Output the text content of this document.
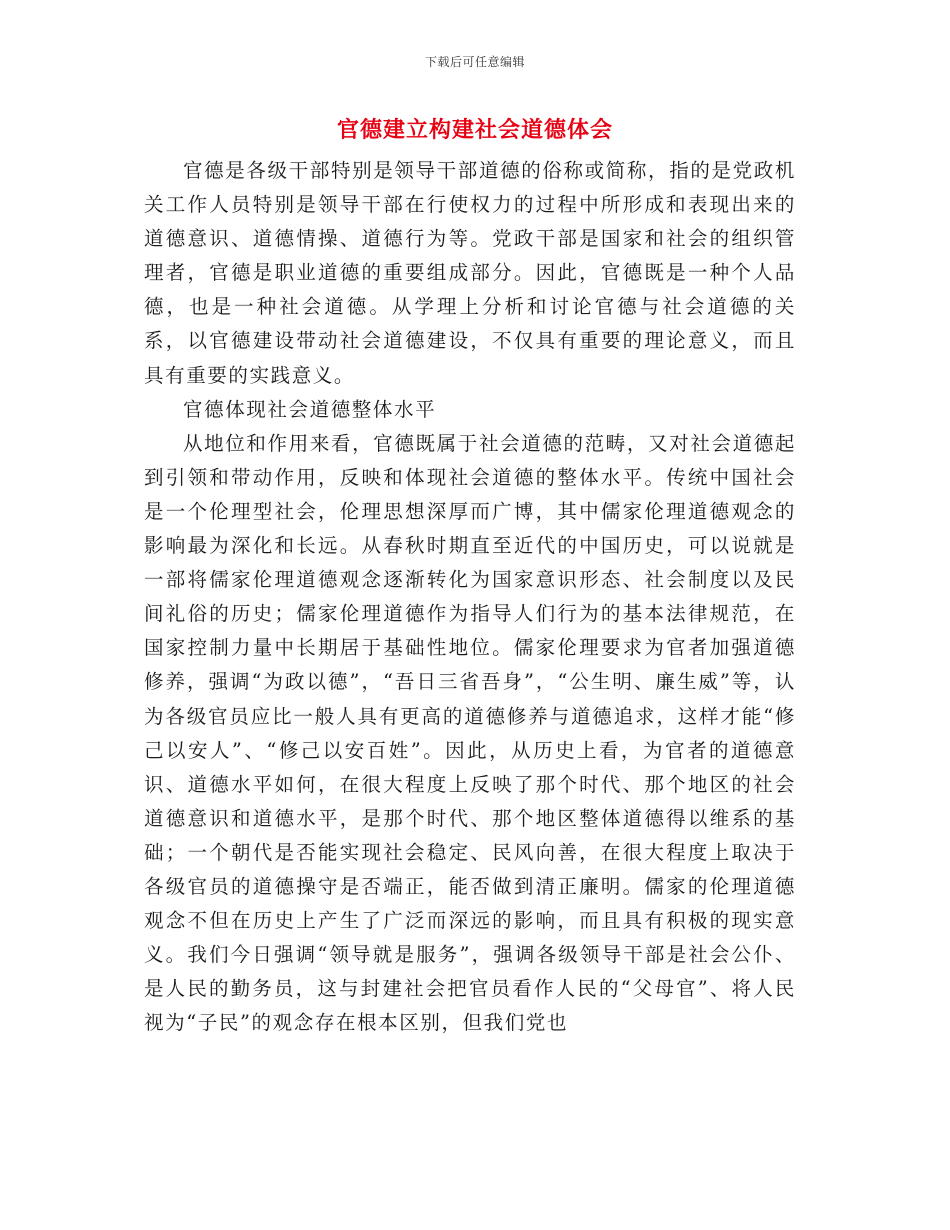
下载后可任意编辑
官德建立构建社会道德体会

官德是各级干部特别是领导干部道德的俗称或简称，指的是党政机关工作人员特别是领导干部在行使权力的过程中所形成和表现出来的道德意识、道德情操、道德行为等。党政干部是国家和社会的组织管理者，官德是职业道德的重要组成部分。因此，官德既是一种个人品德，也是一种社会道德。从学理上分析和讨论官德与社会道德的关系，以官德建设带动社会道德建设，不仅具有重要的理论意义，而且具有重要的实践意义。

官德体现社会道德整体水平

从地位和作用来看，官德既属于社会道德的范畴，又对社会道德起到引领和带动作用，反映和体现社会道德的整体水平。传统中国社会是一个伦理型社会，伦理思想深厚而广博，其中儒家伦理道德观念的影响最为深化和长远。从春秋时期直至近代的中国历史，可以说就是一部将儒家伦理道德观念逐渐转化为国家意识形态、社会制度以及民间礼俗的历史；儒家伦理道德作为指导人们行为的基本法律规范，在国家控制力量中长期居于基础性地位。儒家伦理要求为官者加强道德修养，强调“为政以德”，“吾日三省吾身”，“公生明、廉生威”等，认为各级官员应比一般人具有更高的道德修养与道德追求，这样才能“修己以安人”、“修己以安百姓”。因此，从历史上看，为官者的道德意识、道德水平如何，在很大程度上反映了那个时代、那个地区的社会道德意识和道德水平，是那个时代、那个地区整体道德得以维系的基础；一个朝代是否能实现社会稳定、民风向善，在很大程度上取决于各级官员的道德操守是否端正，能否做到清正廉明。儒家的伦理道德观念不但在历史上产生了广泛而深远的影响，而且具有积极的现实意义。我们今日强调“领导就是服务”，强调各级领导干部是社会公仆、是人民的勤务员，这与封建社会把官员看作人民的“父母官”、将人民视为“子民”的观念存在根本区别，但我们党也
